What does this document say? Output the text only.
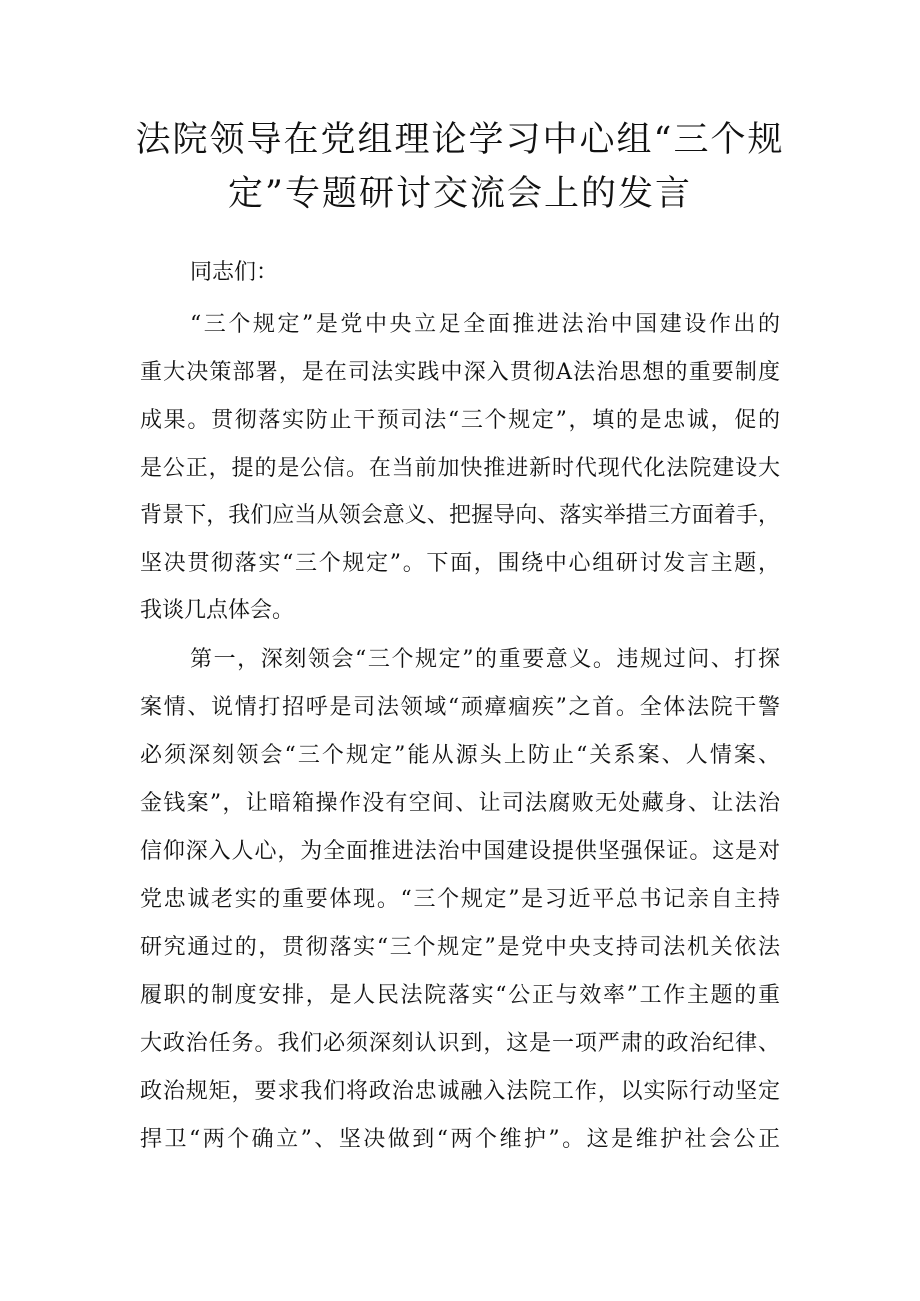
法院领导在党组理论学习中心组“三个规
定”专题研讨交流会上的发言
同志们：
“三个规定”是党中央立足全面推进法治中国建设作出的
重大决策部署，是在司法实践中深入贯彻A法治思想的重要制度
成果。贯彻落实防止干预司法“三个规定”，填的是忠诚，促的
是公正，提的是公信。在当前加快推进新时代现代化法院建设大
背景下，我们应当从领会意义、把握导向、落实举措三方面着手，
坚决贯彻落实“三个规定”。下面，围绕中心组研讨发言主题，
我谈几点体会。
第一，深刻领会“三个规定”的重要意义。违规过问、打探
案情、说情打招呼是司法领域“顽瘴痼疾”之首。全体法院干警
必须深刻领会“三个规定”能从源头上防止“关系案、人情案、
金钱案”，让暗箱操作没有空间、让司法腐败无处藏身、让法治
信仰深入人心，为全面推进法治中国建设提供坚强保证。这是对
党忠诚老实的重要体现。“三个规定”是习近平总书记亲自主持
研究通过的，贯彻落实“三个规定”是党中央支持司法机关依法
履职的制度安排，是人民法院落实“公正与效率”工作主题的重
大政治任务。我们必须深刻认识到，这是一项严肃的政治纪律、
政治规矩，要求我们将政治忠诚融入法院工作，以实际行动坚定
捍卫“两个确立”、坚决做到“两个维护”。这是维护社会公正
